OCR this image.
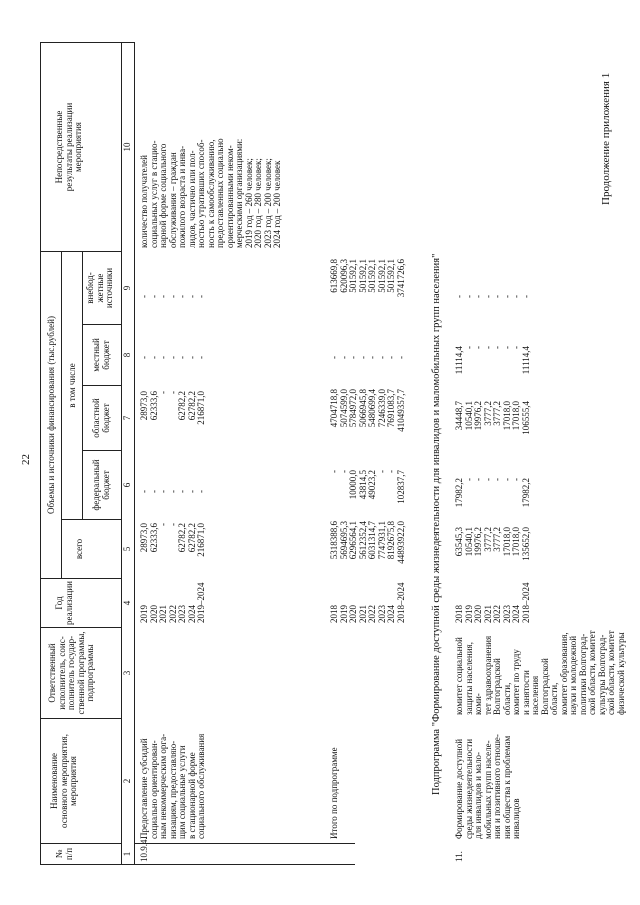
22
Продолжение приложения 1
№
п/п
Наименование
основного мероприятия,
мероприятия
Ответственный
исполнитель, соис-
полнитель государ-
ственной программы,
подпрограммы
Год
реализации
Объемы и источники финансирования (тыс.рублей)
всего
в том числе
федеральный
бюджет
областной
бюджет
местный
бюджет
внебюд-
жетные
источники
Непосредственные
результаты реализации
мероприятия
1
2
3
4
5
6
7
8
9
10
10.9.4.
Предоставление субсидий
социально ориентирован-
ным некоммерческим орга-
низациям, предоставляю-
щим социальные услуги
в стационарной форме
социального обслуживания
2019
2020
2021
2022
2023
2024
2019–2024
28973,0
62333,6
-
-
62782,2
62782,2
216871,0
-
-
-
-
-
-
-
28973,0
62333,6
-
-
62782,2
62782,2
216871,0
-
-
-
-
-
-
-
-
-
-
-
-
-
-
количество получателей
социальных услуг в стацио-
нарной форме социального
обслуживания – граждан
пожилого возраста и инва-
лидов, частично или пол-
ностью утративших способ-
ность к самообслуживанию,
предоставленных социально
ориентированными неком-
мерческими организациями:
2019 год – 260 человек;
2020 год – 280 человек;
2023 год – 200 человек;
2024 год – 200 человек
Итого по подпрограмме
2018
2019
2020
2021
2022
2023
2024
2018–2024
5318388,6
5694695,3
6296564,1
5612352,4
6031314,7
7747931,1
8192675,8
44893922,0
-
-
10000,0
43814,5
49023,2
-
-
102837,7
4704718,8
5074599,0
5784972,0
5066945,8
5480699,4
7246339,0
7691083,7
41049357,7
-
-
-
-
-
-
-
-
613669,8
620096,3
501592,1
501592,1
501592,1
501592,1
501592,1
3741726,6 Подпрограмма "Формирование доступной среды жизнедеятельности для инвалидов и маломобильных групп населения"
11.
Формирование доступной
среды жизнедеятельности
для инвалидов и мало-
мобильных групп населе-
ния и позитивного отноше-
ния общества к проблемам
инвалидов
комитет социальной
защиты населения, коми-
тет здравоохранения
Волгоградской области,
комитет по труду
и занятости населения
Волгоградской области,
комитет образования,
науки и молодежной
политики Волгоград-
ской области, комитет
культуры Волгоград-
ской области, комитет
физической культуры
2018
2019
2020
2021
2022
2023
2024
2018–2024
63545,3
10540,1
19976,2
3777,2
3777,2
17018,0
17018,0
135652,0
17982,2
-
-
-
-
-
-
17982,2
34448,7
10540,1
19976,2
3777,2
3777,2
17018,0
17018,0
106555,4
11114,4
-
-
-
-
-
-
11114,4
-
-
-
-
-
-
-
-
